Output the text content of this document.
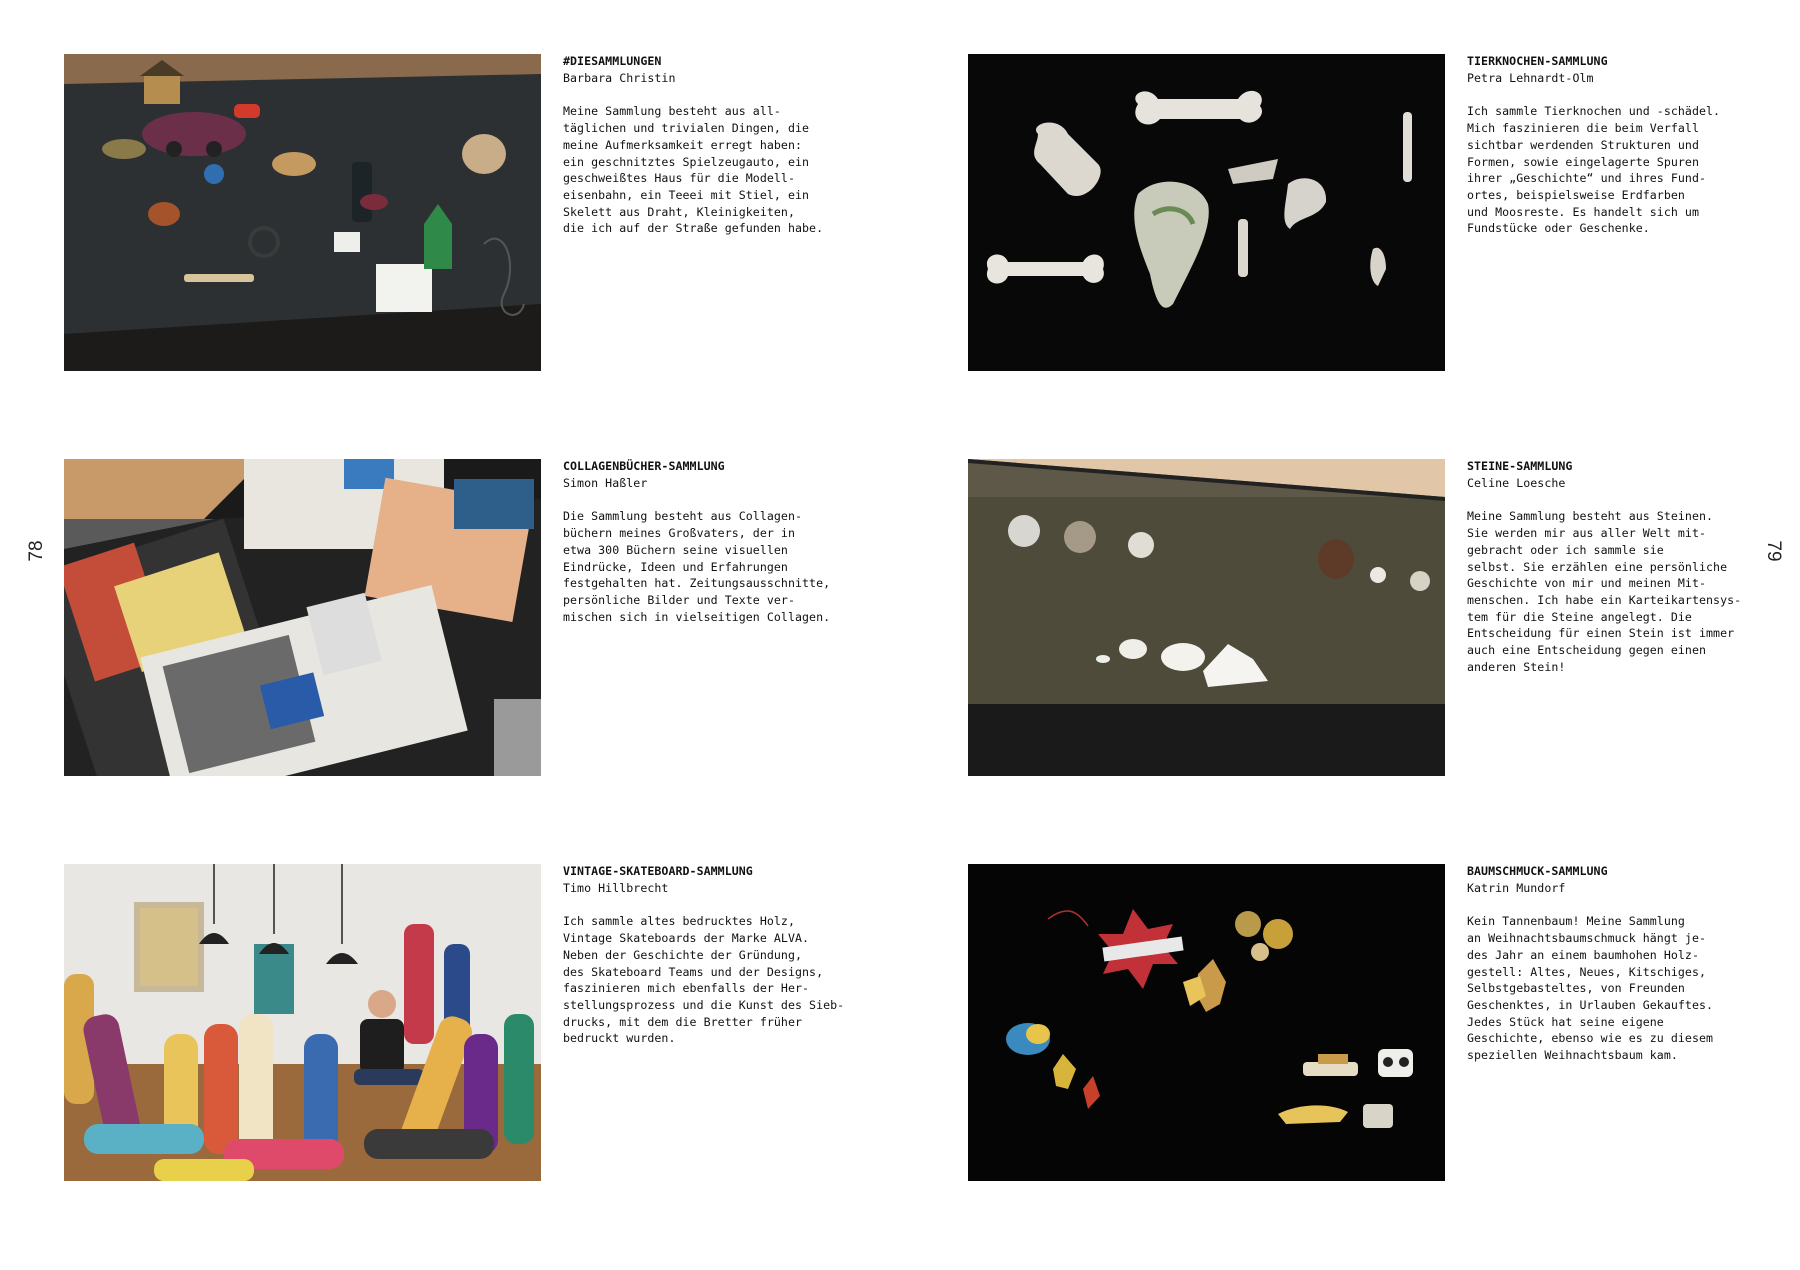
78	79
#DIESAMMLUNGEN
Barbara Christin
Meine Sammlung besteht aus all-
täglichen und trivialen Dingen, die
meine Aufmerksamkeit erregt haben:
ein geschnitztes Spielzeugauto, ein
geschweißtes Haus für die Modell-
eisenbahn, ein Teeei mit Stiel, ein
Skelett aus Draht, Kleinigkeiten,
die ich auf der Straße gefunden habe.
TIERKNOCHEN-SAMMLUNG
Petra Lehnardt-Olm
Ich sammle Tierknochen und -schädel.
Mich faszinieren die beim Verfall
sichtbar werdenden Strukturen und
Formen, sowie eingelagerte Spuren
ihrer „Geschichte“ und ihres Fund-
ortes, beispielsweise Erdfarben
und Moosreste. Es handelt sich um
Fundstücke oder Geschenke.
COLLAGENBÜCHER-SAMMLUNG
Simon Haßler
Die Sammlung besteht aus Collagen-
büchern meines Großvaters, der in
etwa 300 Büchern seine visuellen
Eindrücke, Ideen und Erfahrungen
festgehalten hat. Zeitungsausschnitte,
persönliche Bilder und Texte ver-
mischen sich in vielseitigen Collagen.
STEINE-SAMMLUNG
Celine Loesche
Meine Sammlung besteht aus Steinen.
Sie werden mir aus aller Welt mit-
gebracht oder ich sammle sie
selbst. Sie erzählen eine persönliche
Geschichte von mir und meinen Mit-
menschen. Ich habe ein Karteikartensys-
tem für die Steine angelegt. Die
Entscheidung für einen Stein ist immer
auch eine Entscheidung gegen einen
anderen Stein!
VINTAGE-SKATEBOARD-SAMMLUNG
Timo Hillbrecht
Ich sammle altes bedrucktes Holz,
Vintage Skateboards der Marke ALVA.
Neben der Geschichte der Gründung,
des Skateboard Teams und der Designs,
faszinieren mich ebenfalls der Her-
stellungsprozess und die Kunst des Sieb-
drucks, mit dem die Bretter früher
bedruckt wurden.
BAUMSCHMUCK-SAMMLUNG
Katrin Mundorf
Kein Tannenbaum! Meine Sammlung
an Weihnachtsbaumschmuck hängt je-
des Jahr an einem baumhohen Holz-
gestell: Altes, Neues, Kitschiges,
Selbstgebasteltes, von Freunden
Geschenktes, in Urlauben Gekauftes.
Jedes Stück hat seine eigene
Geschichte, ebenso wie es zu diesem
speziellen Weihnachtsbaum kam.
